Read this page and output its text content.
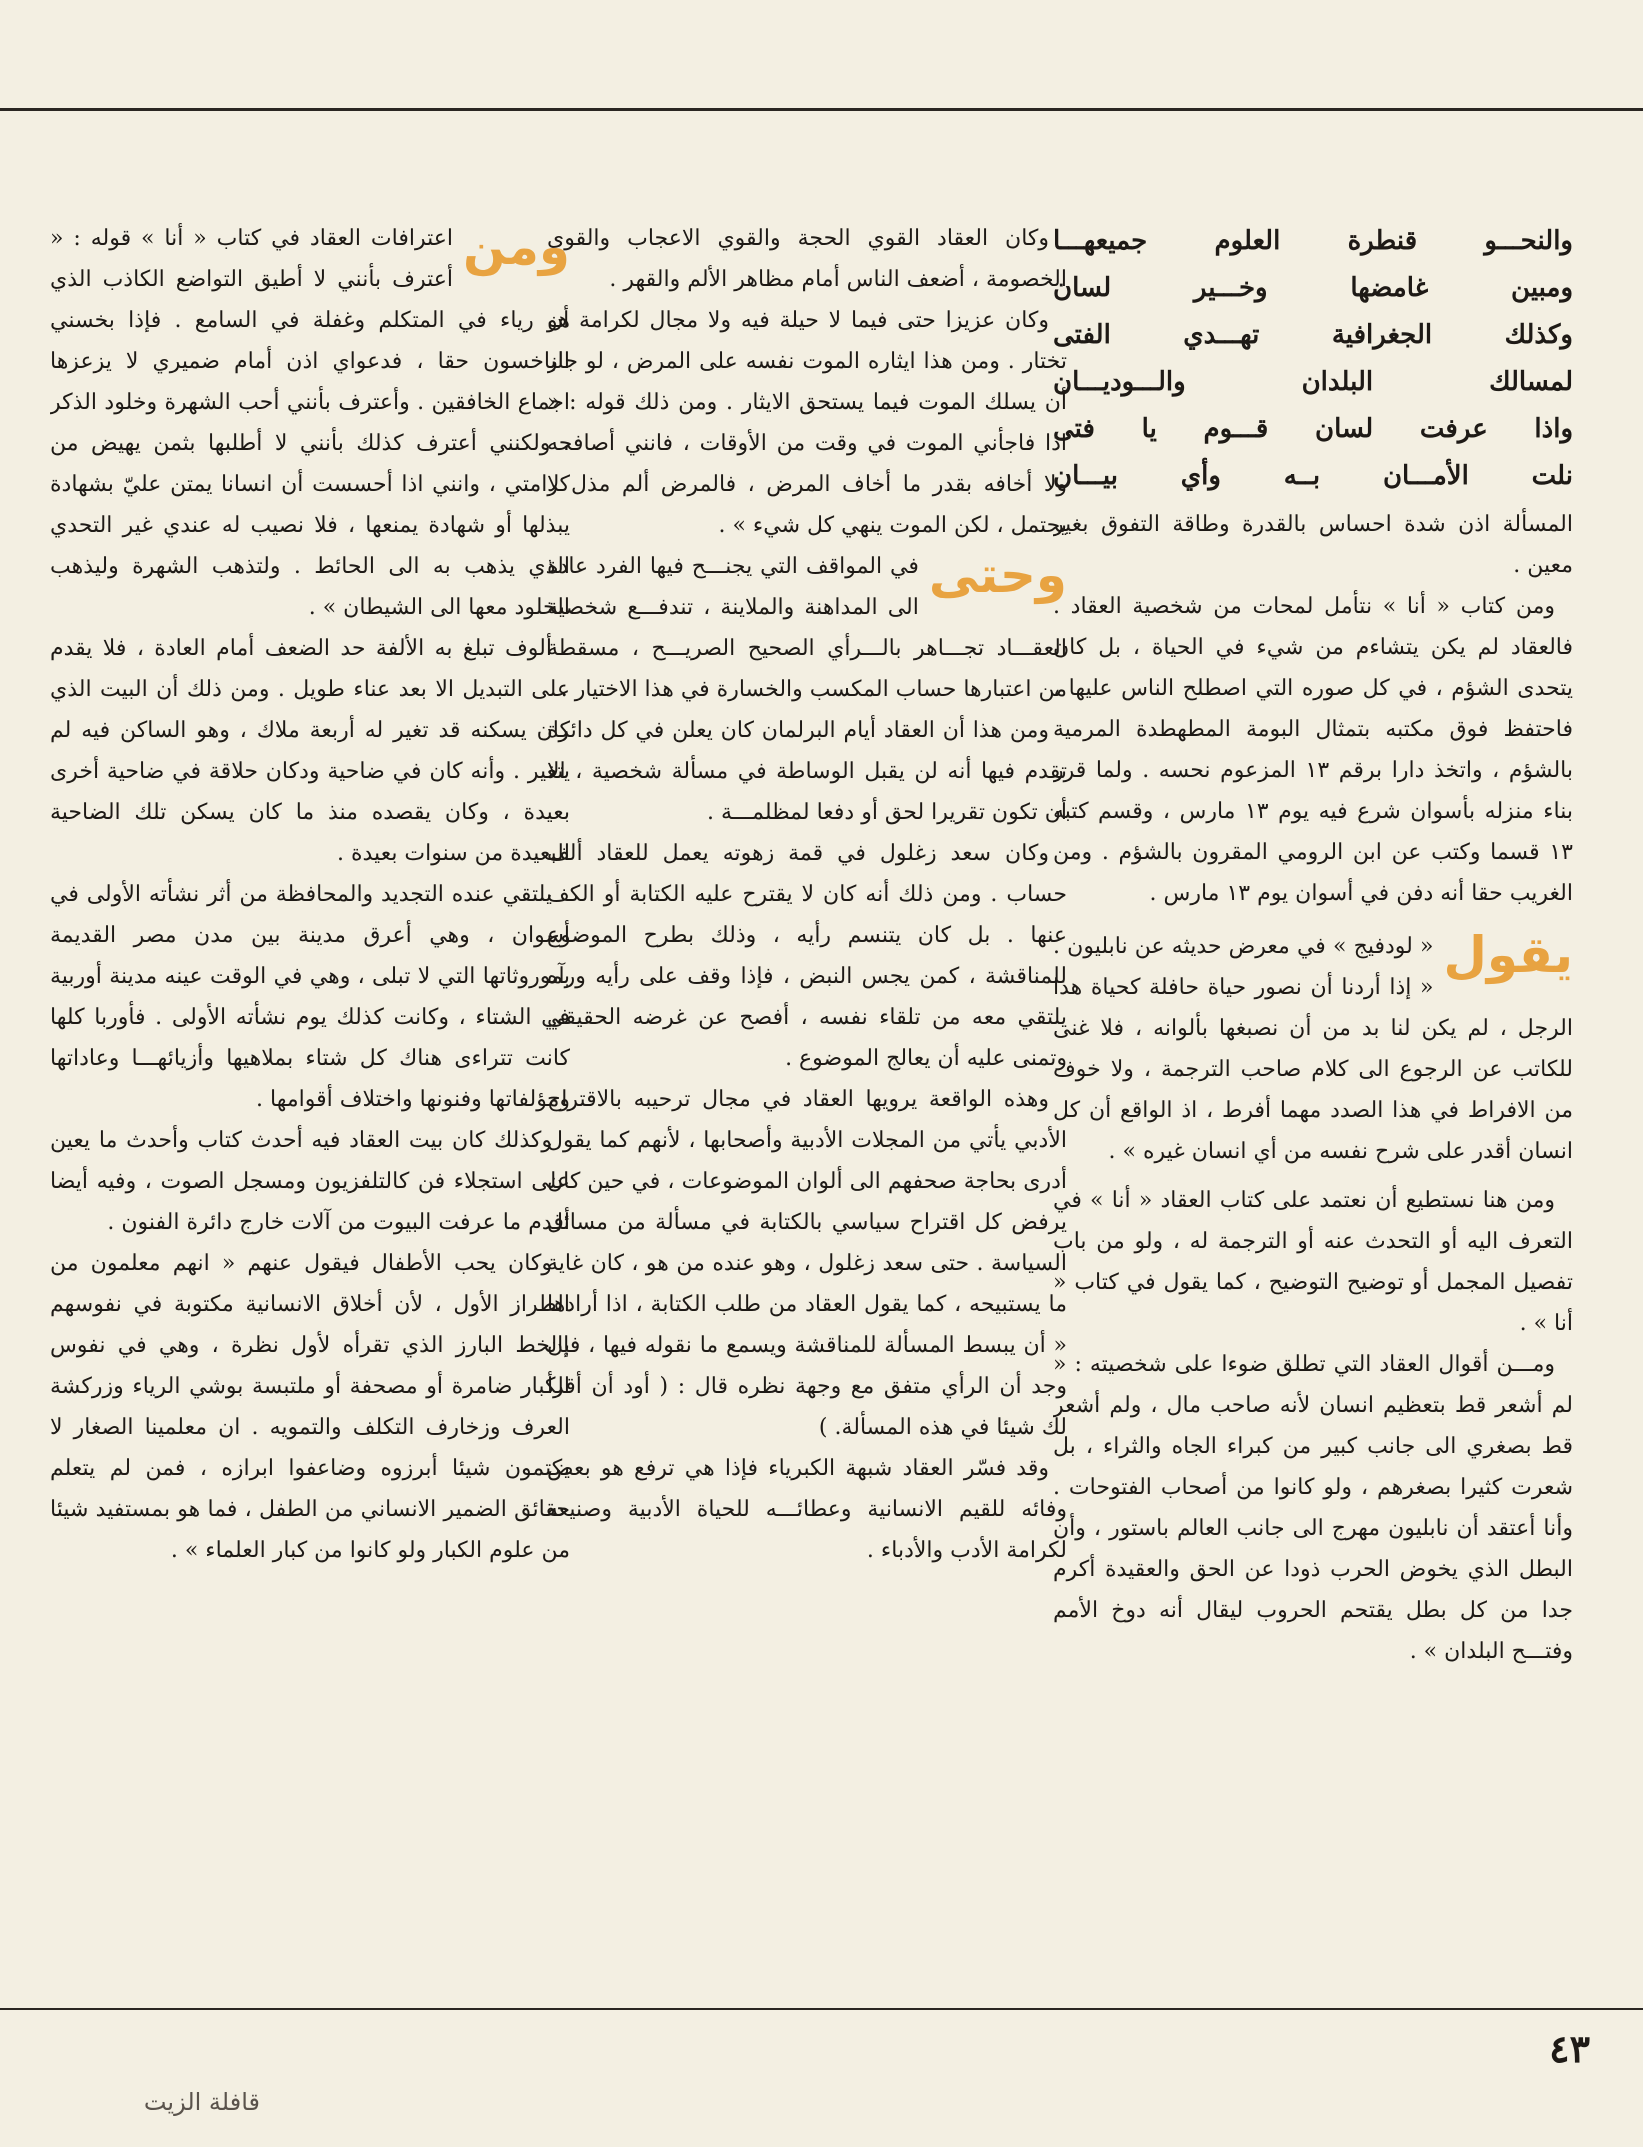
والنحـــو قنطرة العلوم جميعهـــا

ومبين غامضها وخـــير لسان

وكذلك الجغرافية تهـــدي الفتى

لمسالك البلدان والـــوديـــان

واذا عرفت لسان قـــوم يا فتى

نلت الأمـــان بــه وأي بيـــان

المسألة اذن شدة احساس بالقدرة وطاقة التفوق بغير معين .

ومن كتاب « أنا » نتأمل لمحات من شخصية العقاد . فالعقاد لم يكن يتشاءم من شيء في الحياة ، بل كان يتحدى الشؤم ، في كل صوره التي اصطلح الناس عليها ، فاحتفظ فوق مكتبه بتمثال البومة المطهطدة المرمية بالشؤم ، واتخذ دارا برقم ١٣ المزعوم نحسه . ولما قرر بناء منزله بأسوان شرع فيه يوم ١٣ مارس ، وقسم كتبه ١٣ قسما وكتب عن ابن الرومي المقرون بالشؤم . ومن الغريب حقا أنه دفن في أسوان يوم ١٣ مارس .

يقول
« لودفيج » في معرض حديثه عن نابليون . « إذا أردنا أن نصور حياة حافلة كحياة هذا الرجل ، لم يكن لنا بد من أن نصبغها بألوانه ، فلا غنى للكاتب عن الرجوع الى كلام صاحب الترجمة ، ولا خوف من الافراط في هذا الصدد مهما أفرط ، اذ الواقع أن كل انسان أقدر على شرح نفسه من أي انسان غيره » .

ومن هنا نستطيع أن نعتمد على كتاب العقاد « أنا » في التعرف اليه أو التحدث عنه أو الترجمة له ، ولو من باب تفصيل المجمل أو توضيح التوضيح ، كما يقول في كتاب « أنا » .

ومـــن أقوال العقاد التي تطلق ضوءا على شخصيته : « لم أشعر قط بتعظيم انسان لأنه صاحب مال ، ولم أشعر قط بصغري الى جانب كبير من كبراء الجاه والثراء ، بل شعرت كثيرا بصغرهم ، ولو كانوا من أصحاب الفتوحات . وأنا أعتقد أن نابليون مهرج الى جانب العالم باستور ، وأن البطل الذي يخوض الحرب ذودا عن الحق والعقيدة أكرم جدا من كل بطل يقتحم الحروب ليقال أنه دوخ الأمم وفتـــح البلدان » .

وكان العقاد القوي الحجة والقوي الاعجاب والقوي الخصومة ، أضعف الناس أمام مظاهر الألم والقهر .

وكان عزيزا حتى فيما لا حيلة فيه ولا مجال لكرامة أن تختار . ومن هذا ايثاره الموت نفسه على المرض ، لو جاز أن يسلك الموت فيما يستحق الايثار . ومن ذلك قوله : « اذا فاجأني الموت في وقت من الأوقات ، فانني أصافحه ولا أخافه بقدر ما أخاف المرض ، فالمرض ألم مذل لا يحتمل ، لكن الموت ينهي كل شيء » .

وحتى
في المواقف التي يجنـــح فيها الفرد عادة الى المداهنة والملاينة ، تندفـــع شخصية العقـــاد تجـــاهر بالـــرأي الصحيح الصريـــح ، مسقطة من اعتبارها حساب المكسب والخسارة في هذا الاختيار .

ومن هذا أن العقاد أيام البرلمان كان يعلن في كل دائرة تقدم فيها أنه لن يقبل الوساطة في مسألة شخصية ، الا أن تكون تقريرا لحق أو دفعا لمظلمـــة .

وكان سعد زغلول في قمة زهوته يعمل للعقاد ألف حساب . ومن ذلك أنه كان لا يقترح عليه الكتابة أو الكف عنها . بل كان يتنسم رأيه ، وذلك بطرح الموضوع للمناقشة ، كمن يجس النبض ، فإذا وقف على رأيه ورآه يلتقي معه من تلقاء نفسه ، أفصح عن غرضه الحقيقي وتمنى عليه أن يعالج الموضوع .

وهذه الواقعة يرويها العقاد في مجال ترحيبه بالاقتراح الأدبي يأتي من المجلات الأدبية وأصحابها ، لأنهم كما يقول أدرى بحاجة صحفهم الى ألوان الموضوعات ، في حين كان يرفض كل اقتراح سياسي بالكتابة في مسألة من مسائل السياسة . حتى سعد زغلول ، وهو عنده من هو ، كان غاية ما يستبيحه ، كما يقول العقاد من طلب الكتابة ، اذا أرادها « أن يبسط المسألة للمناقشة ويسمع ما نقوله فيها ، فإن وجد أن الرأي متفق مع وجهة نظره قال : ( أود أن أقرأ لك شيئا في هذه المسألة. )

وقد فسّر العقاد شبهة الكبرياء فإذا هي ترفع هو بعض وفائه للقيم الانسانية وعطائـــه للحياة الأدبية وصنيعه لكرامة الأدب والأدباء .

ومن
اعترافات العقاد في كتاب « أنا » قوله : « أعترف بأنني لا أطيق التواضع الكاذب الذي هو رياء في المتكلم وغفلة في السامع . فإذا بخسني الباخسون حقا ، فدعواي اذن أمام ضميري لا يزعزها اجماع الخافقين . وأعترف بأنني أحب الشهرة وخلود الذكر ، ولكنني أعترف كذلك بأنني لا أطلبها بثمن يهيض من كرامتي ، وانني اذا أحسست أن انسانا يمتن عليّ بشهادة يبذلها أو شهادة يمنعها ، فلا نصيب له عندي غير التحدي الذي يذهب به الى الحائط . ولتذهب الشهرة وليذهب الخلود معها الى الشيطان » .

ألوف تبلغ به الألفة حد الضعف أمام العادة ، فلا يقدم على التبديل الا بعد عناء طويل . ومن ذلك أن البيت الذي كان يسكنه قد تغير له أربعة ملاك ، وهو الساكن فيه لم يتغير . وأنه كان في ضاحية ودكان حلاقة في ضاحية أخرى بعيدة ، وكان يقصده منذ ما كان يسكن تلك الضاحية البعيدة من سنوات بعيدة .

يلتقي عنده التجديد والمحافظة من أثر نشأته الأولى في أسوان ، وهي أعرق مدينة بين مدن مصر القديمة بموروثاتها التي لا تبلى ، وهي في الوقت عينه مدينة أوربية في الشتاء ، وكانت كذلك يوم نشأته الأولى . فأوربا كلها كانت تتراءى هناك كل شتاء بملاهيها وأزيائهـــا وعاداتها ومؤلفاتها وفنونها واختلاف أقوامها .

وكذلك كان بيت العقاد فيه أحدث كتاب وأحدث ما يعين على استجلاء فن كالتلفزيون ومسجل الصوت ، وفيه أيضا أقدم ما عرفت البيوت من آلات خارج دائرة الفنون .

وكان يحب الأطفال فيقول عنهم « انهم معلمون من الطراز الأول ، لأن أخلاق الانسانية مكتوبة في نفوسهم بالخط البارز الذي تقرأه لأول نظرة ، وهي في نفوس الكبار ضامرة أو مصحفة أو ملتبسة بوشي الرياء وزركشة العرف وزخارف التكلف والتمويه . ان معلمينا الصغار لا يكتمون شيئا أبرزوه وضاعفوا ابرازه ، فمن لم يتعلم حقائق الضمير الانساني من الطفل ، فما هو بمستفيد شيئا من علوم الكبار ولو كانوا من كبار العلماء » .

٤٣
قافلة الزيت
